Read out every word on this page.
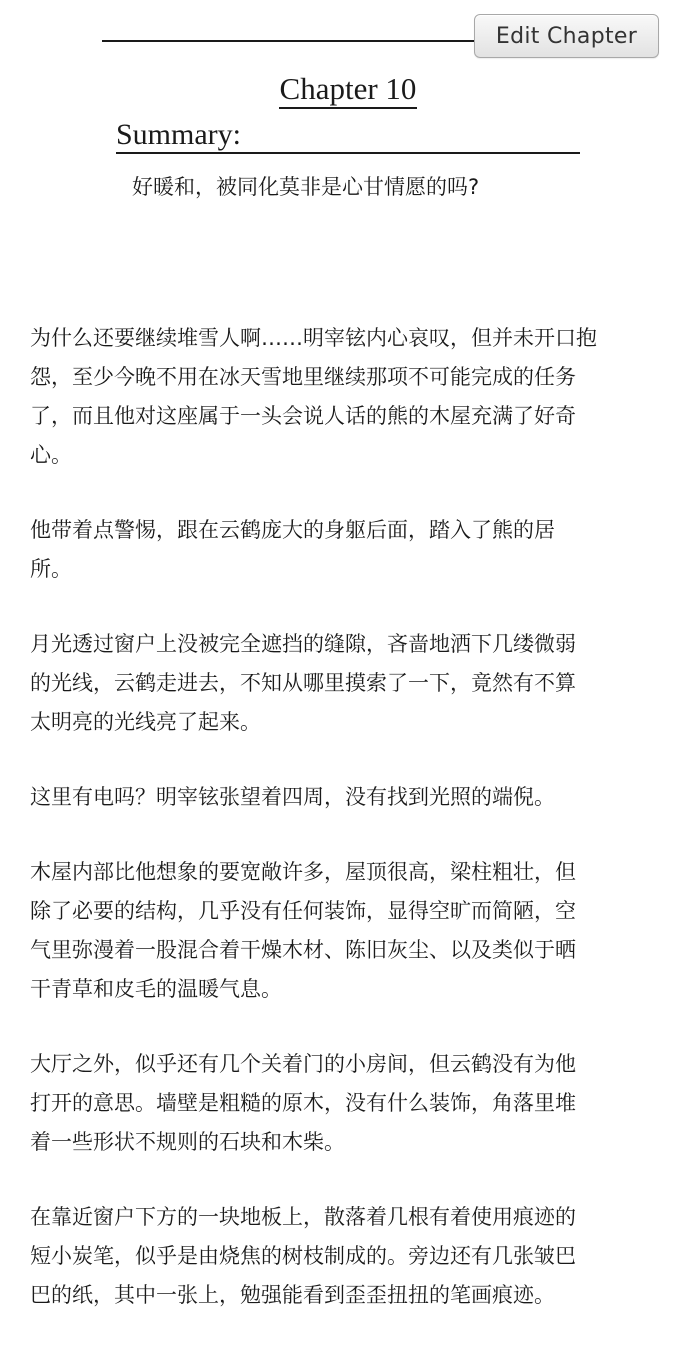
Edit Chapter
Chapter 10
Summary:

好暖和，被同化莫非是心甘情愿的吗?

为什么还要继续堆雪人啊……明宰铉内心哀叹，但并未开口抱
怨，至少今晚不用在冰天雪地里继续那项不可能完成的任务
了，而且他对这座属于一头会说人话的熊的木屋充满了好奇
心。

他带着点警惕，跟在云鹤庞大的身躯后面，踏入了熊的居
所。

月光透过窗户上没被完全遮挡的缝隙，吝啬地洒下几缕微弱
的光线，云鹤走进去，不知从哪里摸索了一下，竟然有不算
太明亮的光线亮了起来。

这里有电吗？明宰铉张望着四周，没有找到光照的端倪。

木屋内部比他想象的要宽敞许多，屋顶很高，梁柱粗壮，但
除了必要的结构，几乎没有任何装饰，显得空旷而简陋，空
气里弥漫着一股混合着干燥木材、陈旧灰尘、以及类似于晒
干青草和皮毛的温暖气息。

大厅之外，似乎还有几个关着门的小房间，但云鹤没有为他
打开的意思。墙壁是粗糙的原木，没有什么装饰，角落里堆
着一些形状不规则的石块和木柴。

在靠近窗户下方的一块地板上，散落着几根有着使用痕迹的
短小炭笔，似乎是由烧焦的树枝制成的。旁边还有几张皱巴
巴的纸，其中一张上，勉强能看到歪歪扭扭的笔画痕迹。
